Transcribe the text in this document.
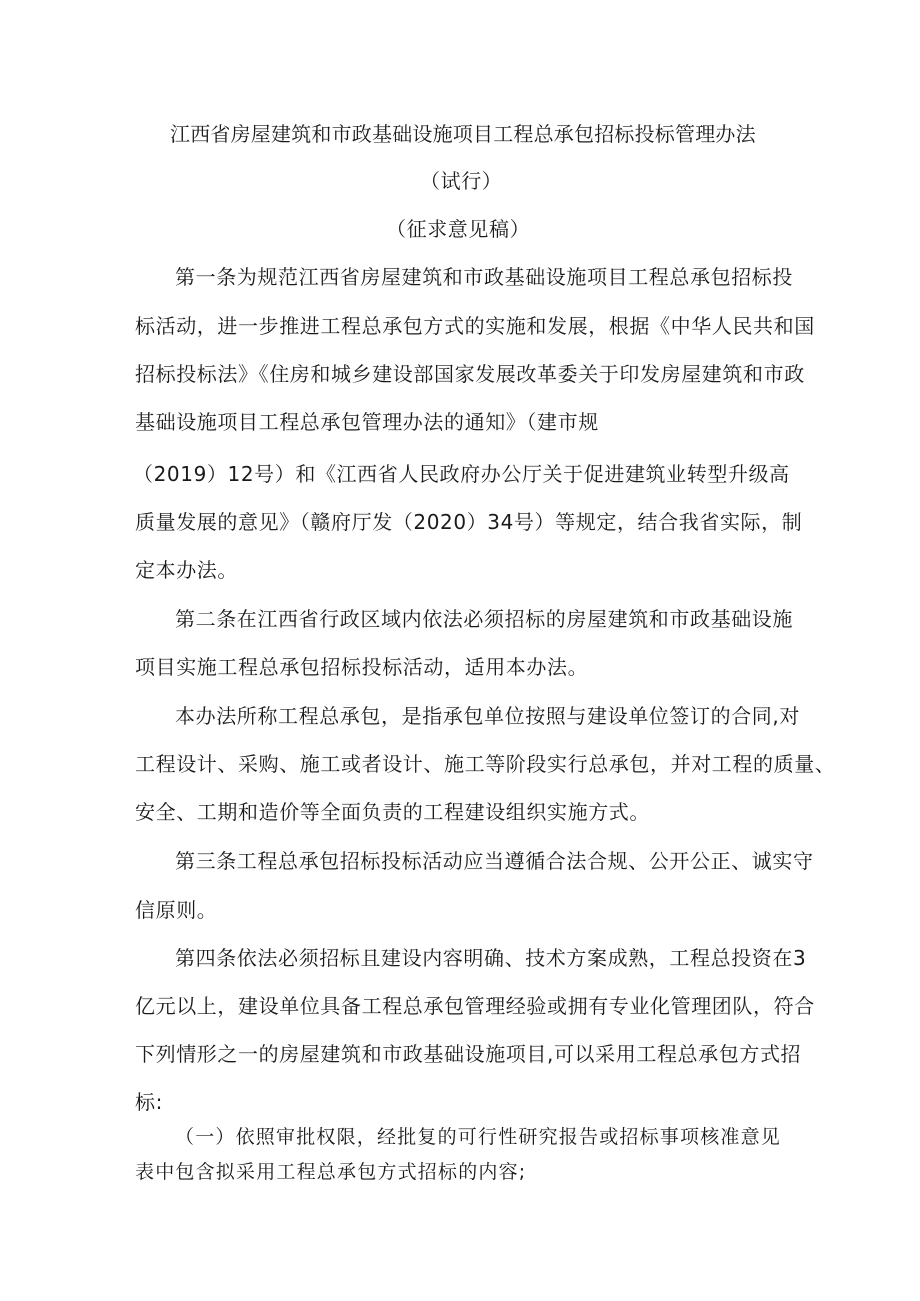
江西省房屋建筑和市政基础设施项目工程总承包招标投标管理办法
（试行）
（征求意见稿）
第一条为规范江西省房屋建筑和市政基础设施项目工程总承包招标投
标活动，进一步推进工程总承包方式的实施和发展，根据《中华人民共和国
招标投标法》《住房和城乡建设部国家发展改革委关于印发房屋建筑和市政
基础设施项目工程总承包管理办法的通知》（建市规
（2019）12号）和《江西省人民政府办公厅关于促进建筑业转型升级高
质量发展的意见》（赣府厅发（2020）34号）等规定，结合我省实际，制
定本办法。
第二条在江西省行政区域内依法必须招标的房屋建筑和市政基础设施
项目实施工程总承包招标投标活动，适用本办法。
本办法所称工程总承包，是指承包单位按照与建设单位签订的合同,对
工程设计、采购、施工或者设计、施工等阶段实行总承包，并对工程的质量、
安全、工期和造价等全面负责的工程建设组织实施方式。
第三条工程总承包招标投标活动应当遵循合法合规、公开公正、诚实守
信原则。
第四条依法必须招标且建设内容明确、技术方案成熟，工程总投资在3
亿元以上，建设单位具备工程总承包管理经验或拥有专业化管理团队，符合
下列情形之一的房屋建筑和市政基础设施项目,可以采用工程总承包方式招
标:
（一）依照审批权限，经批复的可行性研究报告或招标事项核准意见
表中包含拟采用工程总承包方式招标的内容;
